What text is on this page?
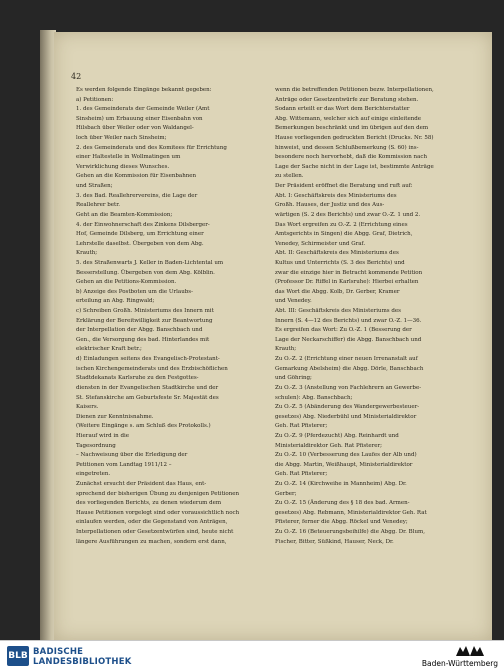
42
Es werden folgende Eingänge bekannt gegeben:
a) Petitionen:
1. des Gemeinderats der Gemeinde Weiler (Amt
Sinsheim) um Erbauung einer Eisenbahn von
Hilsbach über Weiler oder von Waldangel-
loch über Weiler nach Sinsheim;
2. des Gemeinderats und des Komitees für Errichtung
einer Haltestelle in Wollmatingen um
Verwirklichung dieses Wunsches.
Gehen an die Kommission für Eisenbahnen
und Straßen;
3. des Bad. Reallehrervereins, die Lage der
Reallehrer betr.
Geht an die Beamten-Kommission;
4. der Einwohnerschaft des Zinkens Dilsberger-
Hof, Gemeinde Dilsberg, um Errichtung einer
Lehrstelle daselbst. Übergeben von dem Abg.
Krauth;
5. des Straßenwarts J. Keller in Baden-Lichtental um
Besserstellung. Übergeben von dem Abg. Kölblin.
Gehen an die Petitions-Kommission.
b) Anzeige des Postboten um die Urlaubs-
erteilung an Abg. Ringwald;
c) Schreiben Großh. Ministeriums des Innern mit
Erklärung der Bereitwilligkeit zur Beantwortung
der Interpellation der Abgg. Banschbach und
Gen., die Versorgung des bad. Hinterlandes mit
elektrischer Kraft betr.;
d) Einladungen seitens des Evangelisch-Protestant-
ischen Kirchengemeinderats und des Erzbischöflichen
Stadtdekanats Karlsruhe zu den Festgottes-
diensten in der Evangelischen Stadtkirche und der
St. Stefanskirche am Geburtsfeste Sr. Majestät des
Kaisers.
Dienen zur Kenntnisnahme.
(Weitere Eingänge s. am Schluß des Protokolls.)
Hierauf wird in die
Tagesordnung
– Nachweisung über die Erledigung der
Petitionen vom Landtag 1911/12 –
eingetreten.
Zunächst ersucht der Präsident das Haus, ent-
sprechend der bisherigen Übung zu denjenigen Petitionen
des vorliegenden Berichts, zu denen wiederum dem
Hause Petitionen vorgelegt sind oder voraussichtlich noch
einlaufen werden, oder die Gegenstand von Anträgen,
Interpellationen oder Gesetzentwürfen sind, heute nicht
längere Ausführungen zu machen, sondern erst dann,
wenn die betreffenden Petitionen bezw. Interpellationen,
Anträge oder Gesetzentwürfe zur Beratung stehen.
Sodann erteilt er das Wort dem Berichterstatter
Abg. Wittemann, welcher sich auf einige einleitende
Bemerkungen beschränkt und im übrigen auf den dem
Hause vorliegenden gedruckten Bericht (Drucks. Nr. 58)
hinweist, und dessen Schlußbemerkung (S. 60) ins-
besondere noch hervorhebt, daß die Kommission nach
Lage der Sache nicht in der Lage ist, bestimmte Anträge
zu stellen.
Der Präsident eröffnet die Beratung und ruft auf:
Abt. I: Geschäftskreis des Ministeriums des
Großh. Hauses, der Justiz und des Aus-
wärtigen (S. 2 des Berichts) und zwar O.-Z. 1 und 2.
Das Wort ergreifen zu O.-Z. 2 (Errichtung eines
Amtsgerichts in Singen) die Abgg. Graf, Dietrich,
Venedey, Schirmeister und Graf.
Abt. II: Geschäftskreis des Ministeriums des
Kultus und Unterrichts (S. 3 des Berichts) und
zwar die einzige hier in Betracht kommende Petition
(Professor Dr. Riffel in Karlsruhe): Hierbei erhalten
das Wort die Abgg. Kolb, Dr. Gerber, Kramer
und Venedey.
Abt. III: Geschäftskreis des Ministeriums des
Innern (S. 4—12 des Berichts) und zwar O.-Z. 1—36.
Es ergreifen das Wort: Zu O.-Z. 1 (Besserung der
Lage der Neckarschiffer) die Abgg. Banschbach und
Krauth;
Zu O.-Z. 2 (Errichtung einer neuen Irrenanstalt auf
Gemarkung Abelsheim) die Abgg. Dörle, Banschbach
und Göhring;
Zu O.-Z. 3 (Anstellung von Fachlehrern an Gewerbe-
schulen): Abg. Banschbach;
Zu O.-Z. 5 (Abänderung des Wandergewerbesteuer-
gesetzes) Abg. Niederbühl und Ministerialdirektor
Geh. Rat Pfisterer;
Zu O.-Z. 9 (Pferdezucht) Abg. Reinhardt und
Ministerialdirektor Geh. Rat Pfisterer;
Zu O.-Z. 10 (Verbesserung des Laufes der Alb und)
die Abgg. Martin, Weißhaupt, Ministerialdirektor
Geh. Rat Pfisterer;
Zu O.-Z. 14 (Kirchweihe in Mannheim) Abg. Dr.
Gerber;
Zu O.-Z. 15 (Änderung des § 18 des bad. Armen-
gesetzes) Abg. Rebmann, Ministerialdirektor Geh. Rat
Pfisterer, ferner die Abgg. Röckel und Venedey;
Zu O.-Z. 16 (Beteuerungsbeihilfe) die Abgg. Dr. Blum,
Fischer, Bitter, Süßkind, Hauser, Neck, Dr.
BLB BADISCHE
LANDESBIBLIOTHEK	Baden-Württemberg
